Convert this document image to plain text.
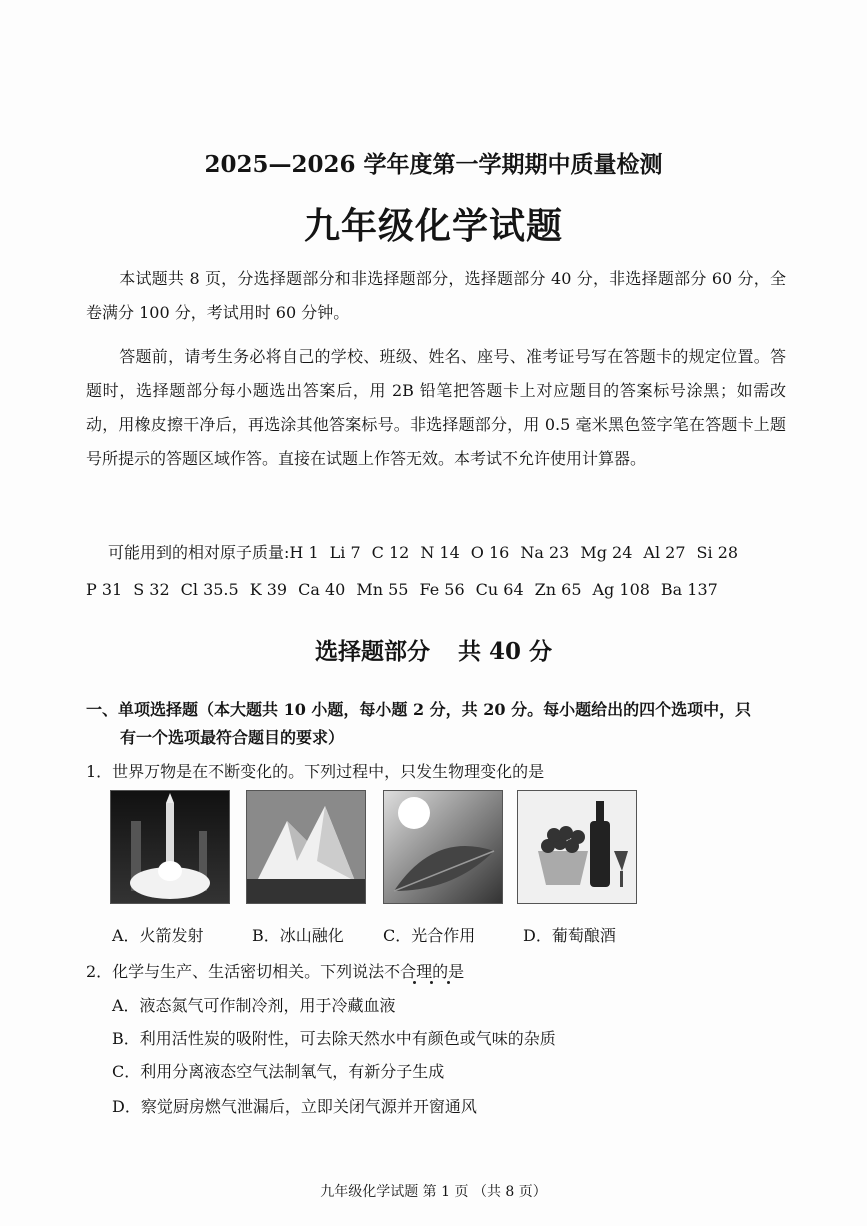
2025—2026 学年度第一学期期中质量检测
九年级化学试题
本试题共 8 页，分选择题部分和非选择题部分，选择题部分 40 分，非选择题部分 60 分，全卷满分 100 分，考试用时 60 分钟。
答题前，请考生务必将自己的学校、班级、姓名、座号、准考证号写在答题卡的规定位置。答题时，选择题部分每小题选出答案后，用 2B 铅笔把答题卡上对应题目的答案标号涂黑；如需改动，用橡皮擦干净后，再选涂其他答案标号。非选择题部分，用 0.5 毫米黑色签字笔在答题卡上题号所提示的答题区域作答。直接在试题上作答无效。本考试不允许使用计算器。
可能用到的相对原子质量:H 1 Li 7 C 12 N 14 O 16 Na 23 Mg 24 Al 27 Si 28
P 31 S 32 Cl 35.5 K 39 Ca 40 Mn 55 Fe 56 Cu 64 Zn 65 Ag 108 Ba 137
选择题部分 共 40 分
一、单项选择题（本大题共 10 小题，每小题 2 分，共 20 分。每小题给出的四个选项中，只
有一个选项最符合题目的要求）
1．世界万物是在不断变化的。下列过程中，只发生物理变化的是
A．火箭发射	B．冰山融化 C．光合作用	D．葡萄酿酒
2．化学与生产、生活密切相关。下列说法不合理的是
A．液态氮气可作制冷剂，用于冷藏血液
B．利用活性炭的吸附性，可去除天然水中有颜色或气味的杂质
C．利用分离液态空气法制氧气，有新分子生成
D．察觉厨房燃气泄漏后，立即关闭气源并开窗通风
九年级化学试题 第 1 页 （共 8 页）
